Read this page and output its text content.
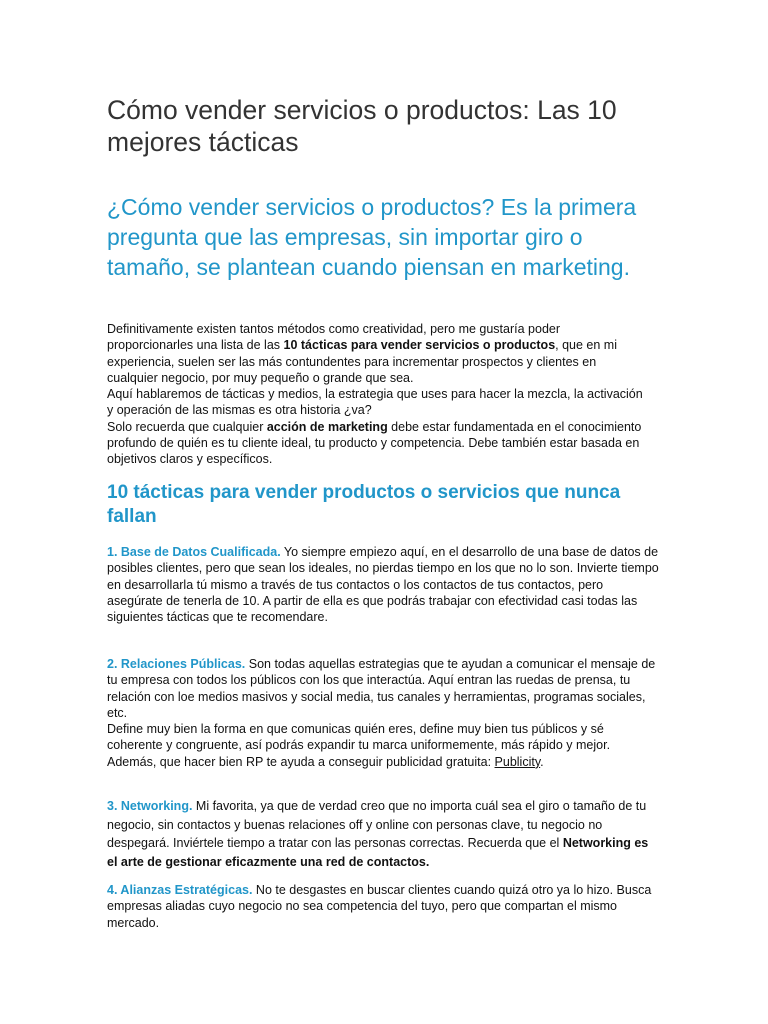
Cómo vender servicios o productos: Las 10 mejores tácticas

¿Cómo vender servicios o productos? Es la primera pregunta que las empresas, sin importar giro o tamaño, se plantean cuando piensan en marketing.

Definitivamente existen tantos métodos como creatividad, pero me gustaría poder proporcionarles una lista de las 10 tácticas para vender servicios o productos, que en mi experiencia, suelen ser las más contundentes para incrementar prospectos y clientes en cualquier negocio, por muy pequeño o grande que sea.

Aquí hablaremos de tácticas y medios, la estrategia que uses para hacer la mezcla, la activación y operación de las mismas es otra historia ¿va?

Solo recuerda que cualquier acción de marketing debe estar fundamentada en el conocimiento profundo de quién es tu cliente ideal, tu producto y competencia. Debe también estar basada en objetivos claros y específicos.

10 tácticas para vender productos o servicios que nunca fallan

1. Base de Datos Cualificada. Yo siempre empiezo aquí, en el desarrollo de una base de datos de posibles clientes, pero que sean los ideales, no pierdas tiempo en los que no lo son. Invierte tiempo en desarrollarla tú mismo a través de tus contactos o los contactos de tus contactos, pero asegúrate de tenerla de 10. A partir de ella es que podrás trabajar con efectividad casi todas las siguientes tácticas que te recomendare.

2. Relaciones Públicas. Son todas aquellas estrategias que te ayudan a comunicar el mensaje de tu empresa con todos los públicos con los que interactúa. Aquí entran las ruedas de prensa, tu relación con loe medios masivos y social media, tus canales y herramientas, programas sociales, etc.

Define muy bien la forma en que comunicas quién eres, define muy bien tus públicos y sé coherente y congruente, así podrás expandir tu marca uniformemente, más rápido y mejor.

Además, que hacer bien RP te ayuda a conseguir publicidad gratuita: Publicity.

3. Networking. Mi favorita, ya que de verdad creo que no importa cuál sea el giro o tamaño de tu negocio, sin contactos y buenas relaciones off y online con personas clave, tu negocio no despegará. Inviértele tiempo a tratar con las personas correctas. Recuerda que el Networking es el arte de gestionar eficazmente una red de contactos.

4. Alianzas Estratégicas. No te desgastes en buscar clientes cuando quizá otro ya lo hizo. Busca empresas aliadas cuyo negocio no sea competencia del tuyo, pero que compartan el mismo mercado.
